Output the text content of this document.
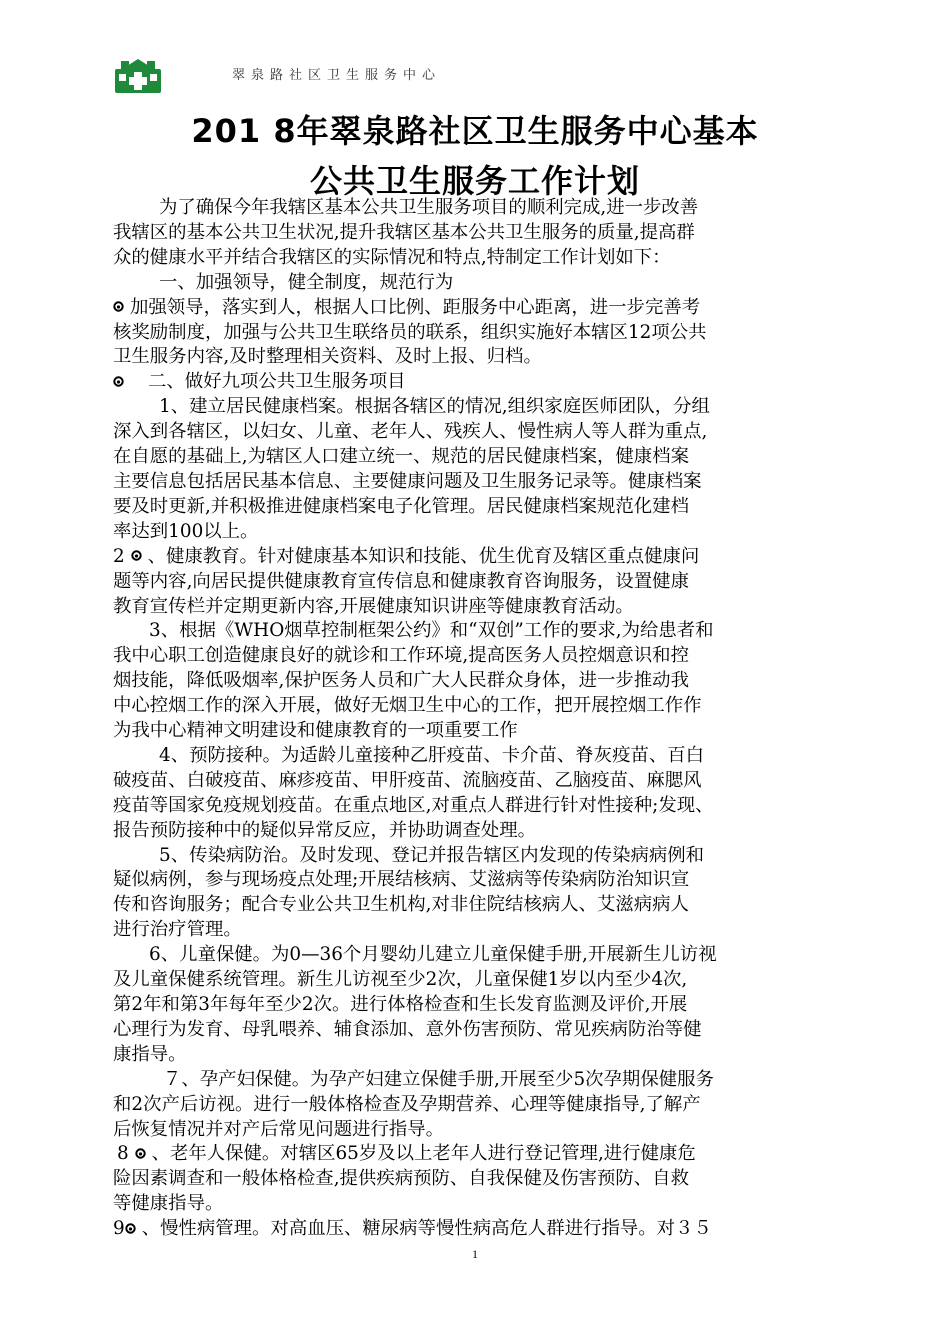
翠泉路社区卫生服务中心
201 8年翠泉路社区卫生服务中心基本
公共卫生服务工作计划

为了确保今年我辖区基本公共卫生服务项目的顺利完成,进一步改善

我辖区的基本公共卫生状况,提升我辖区基本公共卫生服务的质量,提高群

众的健康水平并结合我辖区的实际情况和特点,特制定工作计划如下：

一、加强领导，健全制度，规范行为

加强领导，落实到人，根据人口比例、距服务中心距离，进一步完善考

核奖励制度，加强与公共卫生联络员的联系，组织实施好本辖区12项公共

卫生服务内容,及时整理相关资料、及时上报、归档。

二、做好九项公共卫生服务项目

1、建立居民健康档案。根据各辖区的情况,组织家庭医师团队，分组

深入到各辖区，以妇女、儿童、老年人、残疾人、慢性病人等人群为重点,

在自愿的基础上,为辖区人口建立统一、规范的居民健康档案，健康档案

主要信息包括居民基本信息、主要健康问题及卫生服务记录等。健康档案

要及时更新,并积极推进健康档案电子化管理。居民健康档案规范化建档

率达到100以上。

2 、健康教育。针对健康基本知识和技能、优生优育及辖区重点健康问

题等内容,向居民提供健康教育宣传信息和健康教育咨询服务，设置健康

教育宣传栏并定期更新内容,开展健康知识讲座等健康教育活动。

3、根据《WHO烟草控制框架公约》和“双创”工作的要求,为给患者和

我中心职工创造健康良好的就诊和工作环境,提高医务人员控烟意识和控

烟技能，降低吸烟率,保护医务人员和广大人民群众身体，进一步推动我

中心控烟工作的深入开展，做好无烟卫生中心的工作，把开展控烟工作作

为我中心精神文明建设和健康教育的一项重要工作

4、预防接种。为适龄儿童接种乙肝疫苗、卡介苗、脊灰疫苗、百白

破疫苗、白破疫苗、麻疹疫苗、甲肝疫苗、流脑疫苗、乙脑疫苗、麻腮风

疫苗等国家免疫规划疫苗。在重点地区,对重点人群进行针对性接种;发现、

报告预防接种中的疑似异常反应，并协助调查处理。

5、传染病防治。及时发现、登记并报告辖区内发现的传染病病例和

疑似病例，参与现场疫点处理;开展结核病、艾滋病等传染病防治知识宣

传和咨询服务；配合专业公共卫生机构,对非住院结核病人、艾滋病病人

进行治疗管理。

6、儿童保健。为0—36个月婴幼儿建立儿童保健手册,开展新生儿访视

及儿童保健系统管理。新生儿访视至少2次，儿童保健1岁以内至少4次,

第2年和第3年每年至少2次。进行体格检查和生长发育监测及评价,开展

心理行为发育、母乳喂养、辅食添加、意外伤害预防、常见疾病防治等健

康指导。

７、孕产妇保健。为孕产妇建立保健手册,开展至少5次孕期保健服务

和2次产后访视。进行一般体格检查及孕期营养、心理等健康指导,了解产

后恢复情况并对产后常见问题进行指导。

8 、老年人保健。对辖区65岁及以上老年人进行登记管理,进行健康危

险因素调查和一般体格检查,提供疾病预防、自我保健及伤害预防、自救

等健康指导。

9 、慢性病管理。对高血压、糖尿病等慢性病高危人群进行指导。对３５

1
